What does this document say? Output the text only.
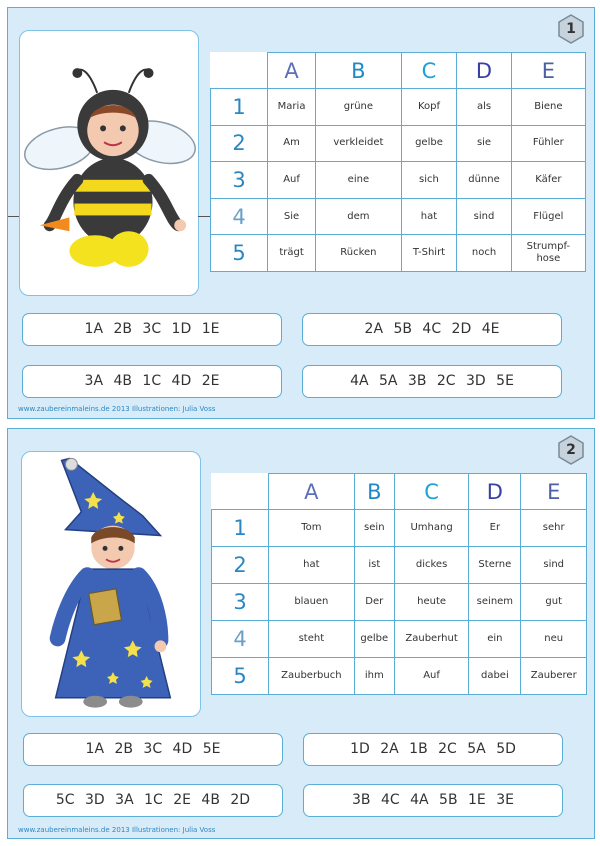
1
	A	B	C	D	E
1	Maria	grüne	Kopf	als	Biene
2	Am	verkleidet	gelbe	sie	Fühler
3	Auf	eine	sich	dünne	Käfer
4	Sie	dem	hat	sind	Flügel
5	trägt	Rücken	T-Shirt	noch	Strumpf-
hose
1A 2B 3C 1D 1E	2A 5B 4C 2D 4E
3A 4B 1C 4D 2E	4A 5A 3B 2C 3D 5E
www.zaubereinmaleins.de 2013 Illustrationen: Julia Voss
2
	A	B	C	D	E
1	Tom	sein	Umhang	Er	sehr
2	hat	ist	dickes	Sterne	sind
3	blauen	Der	heute	seinem	gut
4	steht	gelbe	Zauberhut	ein	neu
5	Zauberbuch	ihm	Auf	dabei	Zauberer
1A 2B 3C 4D 5E	1D 2A 1B 2C 5A 5D
5C 3D 3A 1C 2E 4B 2D	3B 4C 4A 5B 1E 3E
www.zaubereinmaleins.de 2013 Illustrationen: Julia Voss
